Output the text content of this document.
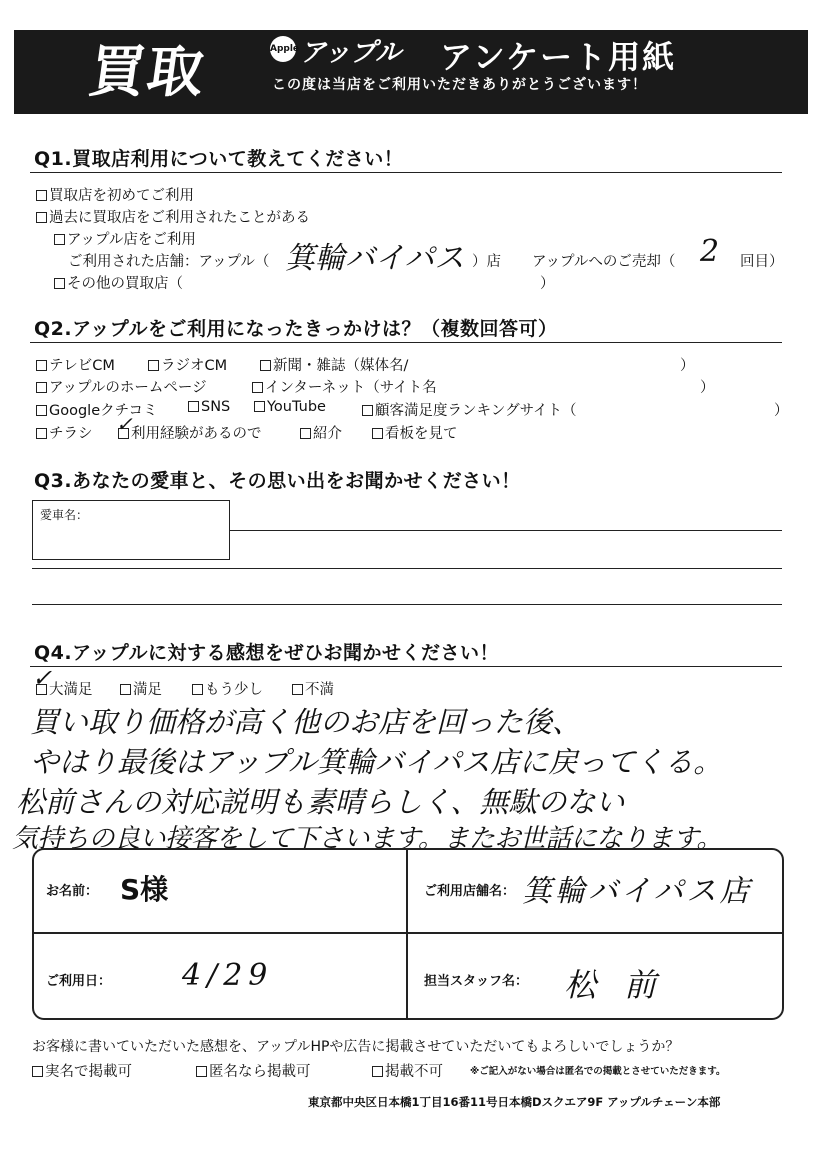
買取	Apple アップル アンケート用紙
この度は当店をご利用いただきありがとうございます！
Q1.買取店利用について教えてください！
買取店を初めてご利用
過去に買取店をご利用されたことがある
アップル店をご利用
ご利用された店舗：アップル（ 箕輪バイパス ）店 アップルへのご売却（ 2 回目）
その他の買取店（	）
Q2.アップルをご利用になったきっかけは？（複数回答可）
テレビCM	ラジオCM	新聞・雑誌（媒体名/	）
アップルのホームページ	インターネット（サイト名	）
Googleクチコミ	SNS	YouTube	顧客満足度ランキングサイト（	）
チラシ	利用経験があるので
✓	紹介	看板を見て
Q3.あなたの愛車と、その思い出をお聞かせください！
愛車名：
Q4.アップルに対する感想をぜひお聞かせください！
大満足
✓	満足	もう少し	不満
買い取り価格が高く他のお店を回った後、
やはり最後はアップル箕輪バイパス店に戻ってくる。
松前さんの対応説明も素晴らしく、無駄のない
気持ちの良い接客をして下さいます。またお世話になります。
お名前： S様	ご利用店舗名： 箕輪バイパス店
ご利用日： 4/29	担当スタッフ名： 松前
お客様に書いていただいた感想を、アップルHPや広告に掲載させていただいてもよろしいでしょうか？
実名で掲載可	匿名なら掲載可	掲載不可	※ご記入がない場合は匿名での掲載とさせていただきます。
東京都中央区日本橋1丁目16番11号日本橋Dスクエア9F アップルチェーン本部
